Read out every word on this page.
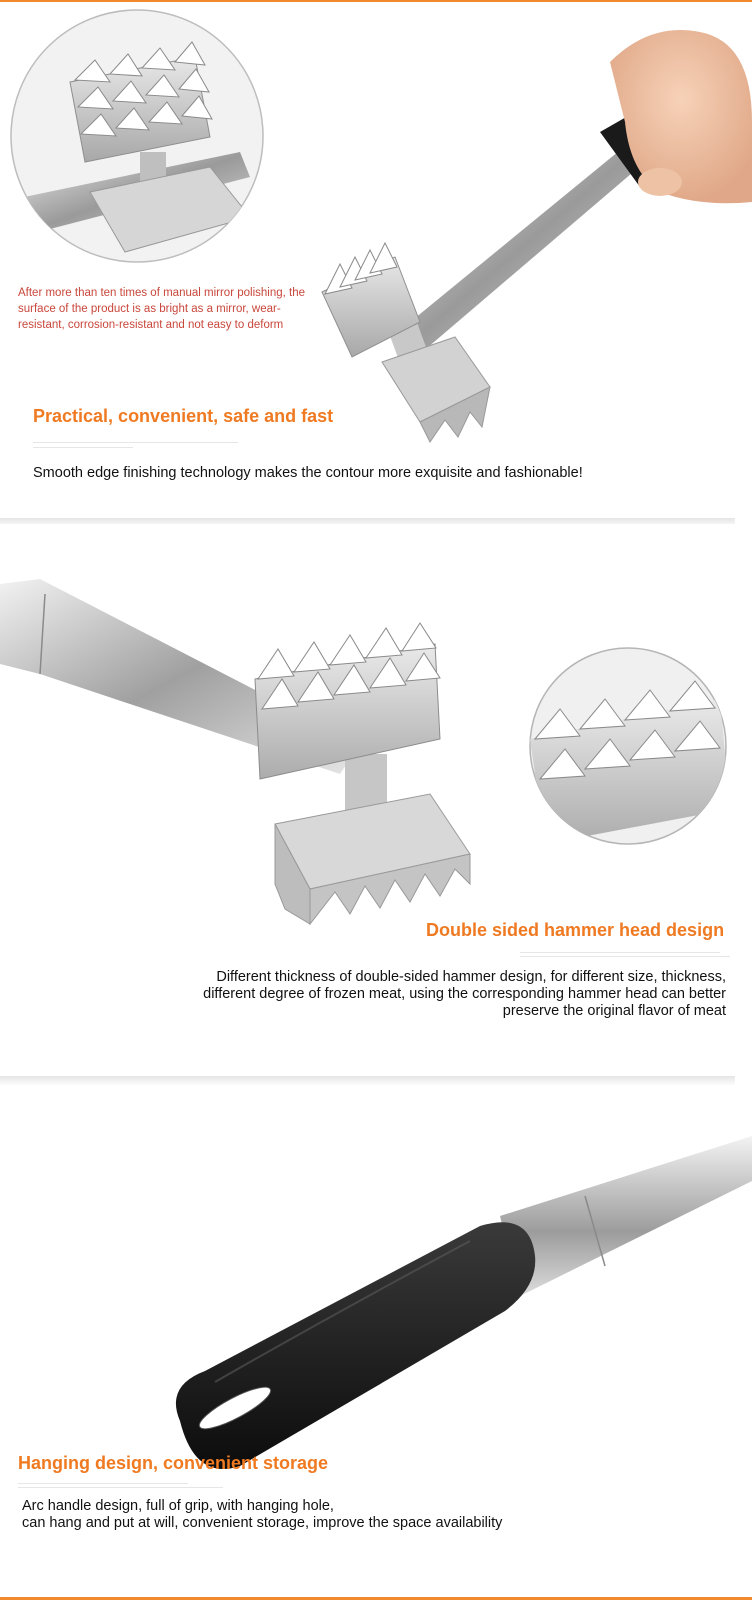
After more than ten times of manual mirror polishing, the surface of the product is as bright as a mirror, wear-resistant, corrosion-resistant and not easy to deform
Practical, convenient, safe and fast
Smooth edge finishing technology makes the contour more exquisite and fashionable!
Double sided hammer head design
Different thickness of double-sided hammer design, for different size, thickness,
different degree of frozen meat, using the corresponding hammer head can better
preserve the original flavor of meat
Hanging design, convenient storage
Arc handle design, full of grip, with hanging hole,
can hang and put at will, convenient storage, improve the space availability
